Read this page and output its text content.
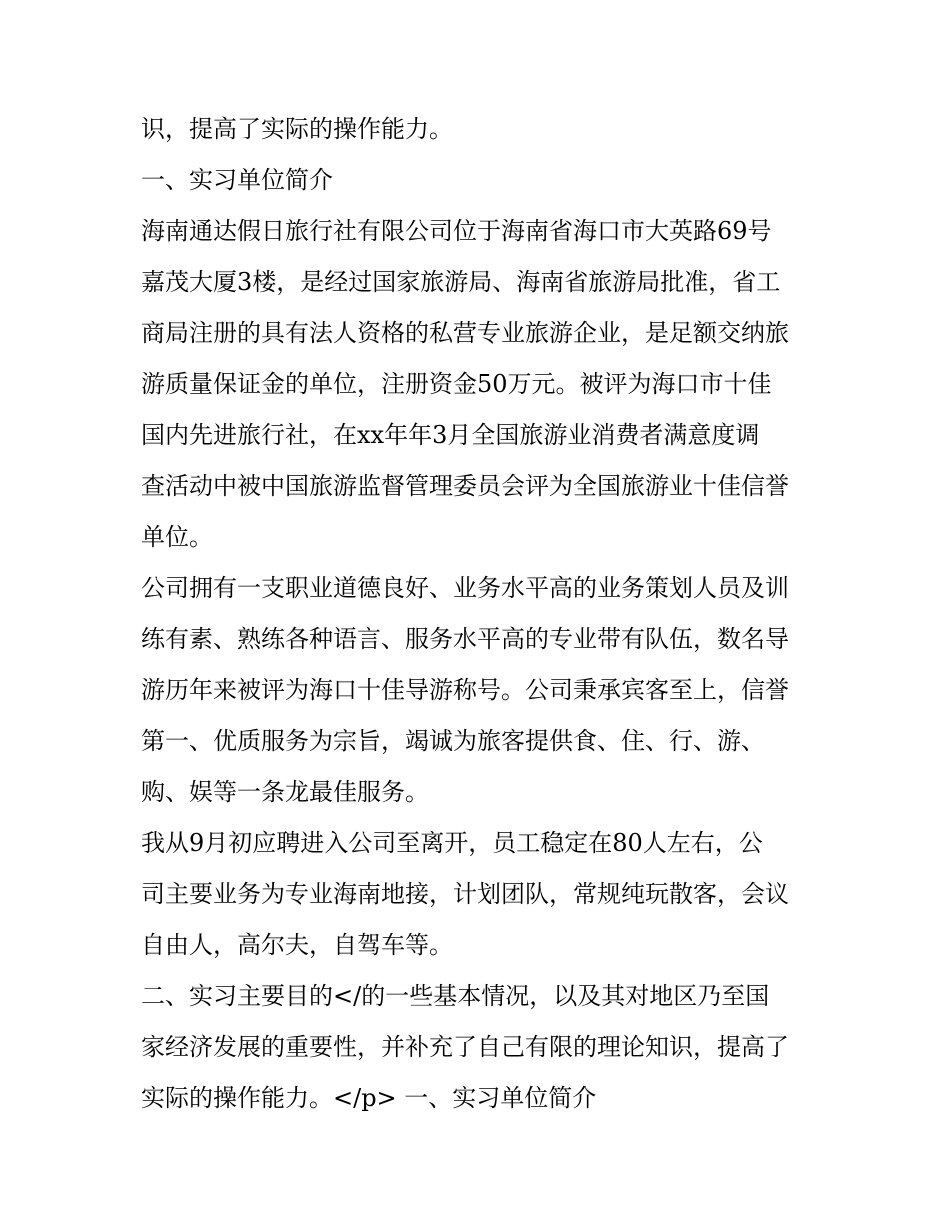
识，提高了实际的操作能力。
一、实习单位简介
海南通达假日旅行社有限公司位于海南省海口市大英路69号
嘉茂大厦3楼，是经过国家旅游局、海南省旅游局批准，省工
商局注册的具有法人资格的私营专业旅游企业，是足额交纳旅
游质量保证金的单位，注册资金50万元。被评为海口市十佳
国内先进旅行社，在xx年年3月全国旅游业消费者满意度调
查活动中被中国旅游监督管理委员会评为全国旅游业十佳信誉
单位。
公司拥有一支职业道德良好、业务水平高的业务策划人员及训
练有素、熟练各种语言、服务水平高的专业带有队伍，数名导
游历年来被评为海口十佳导游称号。公司秉承宾客至上，信誉
第一、优质服务为宗旨，竭诚为旅客提供食、住、行、游、
购、娱等一条龙最佳服务。
我从9月初应聘进入公司至离开，员工稳定在80人左右，公
司主要业务为专业海南地接，计划团队，常规纯玩散客，会议
自由人，高尔夫，自驾车等。
二、实习主要目的</的一些基本情况，以及其对地区乃至国
家经济发展的重要性，并补充了自己有限的理论知识，提高了
实际的操作能力。</p> 一、实习单位简介
